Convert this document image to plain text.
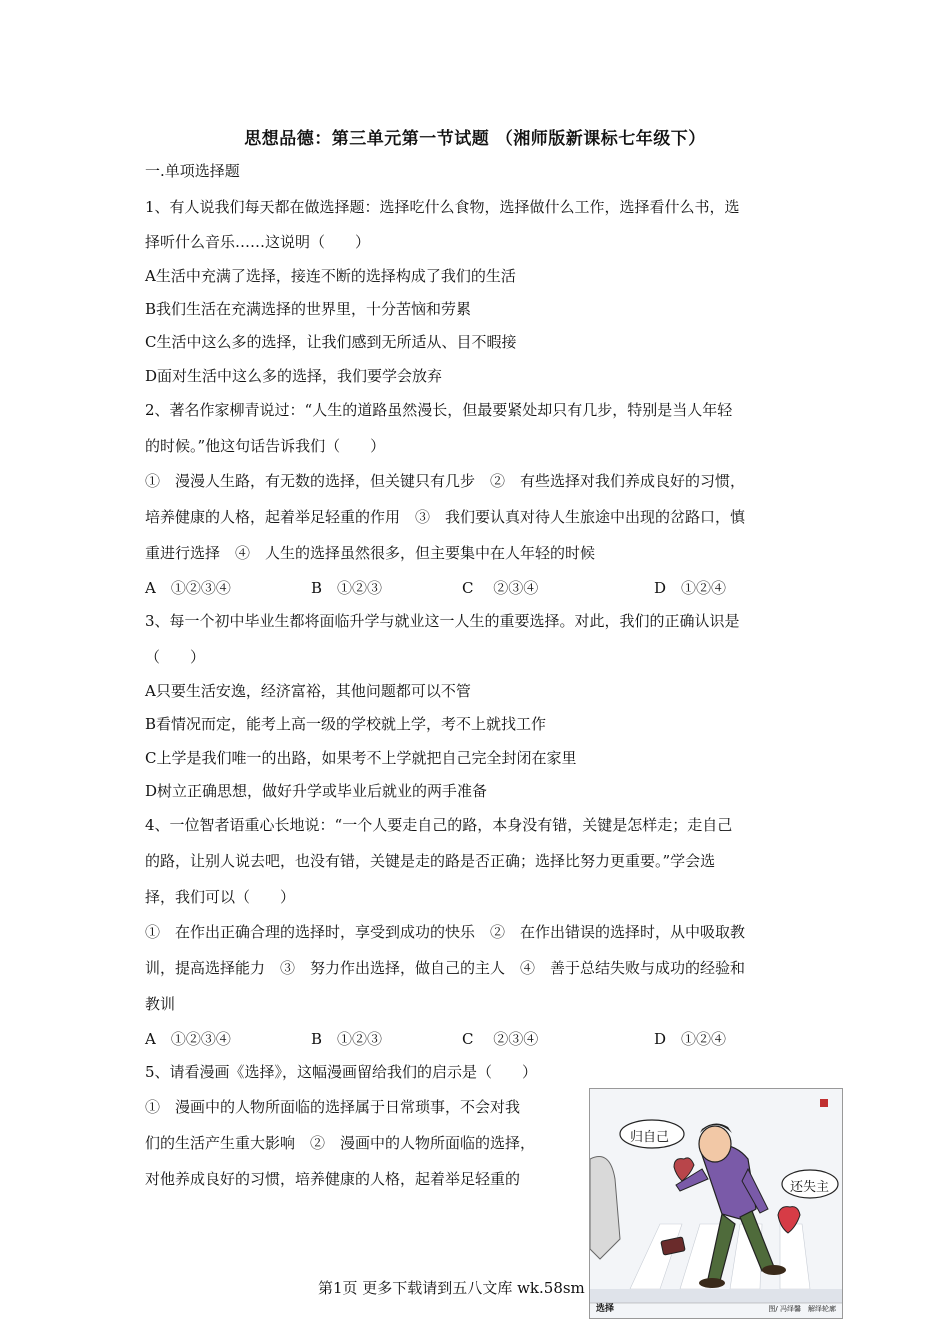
思想品德：第三单元第一节试题 （湘师版新课标七年级下）
一.单项选择题
1、有人说我们每天都在做选择题：选择吃什么食物，选择做什么工作，选择看什么书，选
择听什么音乐……这说明（　　）
A生活中充满了选择，接连不断的选择构成了我们的生活
B我们生活在充满选择的世界里，十分苦恼和劳累
C生活中这么多的选择，让我们感到无所适从、目不暇接
D面对生活中这么多的选择，我们要学会放弃
2、著名作家柳青说过：“人生的道路虽然漫长，但最要紧处却只有几步，特别是当人年轻
的时候。”他这句话告诉我们（　　）
①　漫漫人生路，有无数的选择，但关键只有几步　②　有些选择对我们养成良好的习惯，
培养健康的人格，起着举足轻重的作用　③　我们要认真对待人生旅途中出现的岔路口，慎
重进行选择　④　人生的选择虽然很多，但主要集中在人年轻的时候
A　①②③④	B　①②③	C　 ②③④	D　①②④
3、每一个初中毕业生都将面临升学与就业这一人生的重要选择。对此，我们的正确认识是
（　　）
A只要生活安逸，经济富裕，其他问题都可以不管
B看情况而定，能考上高一级的学校就上学，考不上就找工作
C上学是我们唯一的出路，如果考不上学就把自己完全封闭在家里
D树立正确思想，做好升学或毕业后就业的两手准备
4、一位智者语重心长地说：“一个人要走自己的路，本身没有错，关键是怎样走；走自己
的路，让别人说去吧，也没有错，关键是走的路是否正确；选择比努力更重要。”学会选
择，我们可以（　　）
①　在作出正确合理的选择时，享受到成功的快乐　②　在作出错误的选择时，从中吸取教
训，提高选择能力　③　努力作出选择，做自己的主人　④　善于总结失败与成功的经验和
教训
A　①②③④	B　①②③	C　 ②③④	D　①②④
5、请看漫画《选择》，这幅漫画留给我们的启示是（　　）
①　漫画中的人物所面临的选择属于日常琐事，不会对我
们的生活产生重大影响　②　漫画中的人物所面临的选择，
对他养成良好的习惯，培养健康的人格，起着举足轻重的
归自己
还失主
选择	图/ 冯绎馨　解绎轮廓
第1页 更多下载请到五八文库 wk.58sm
